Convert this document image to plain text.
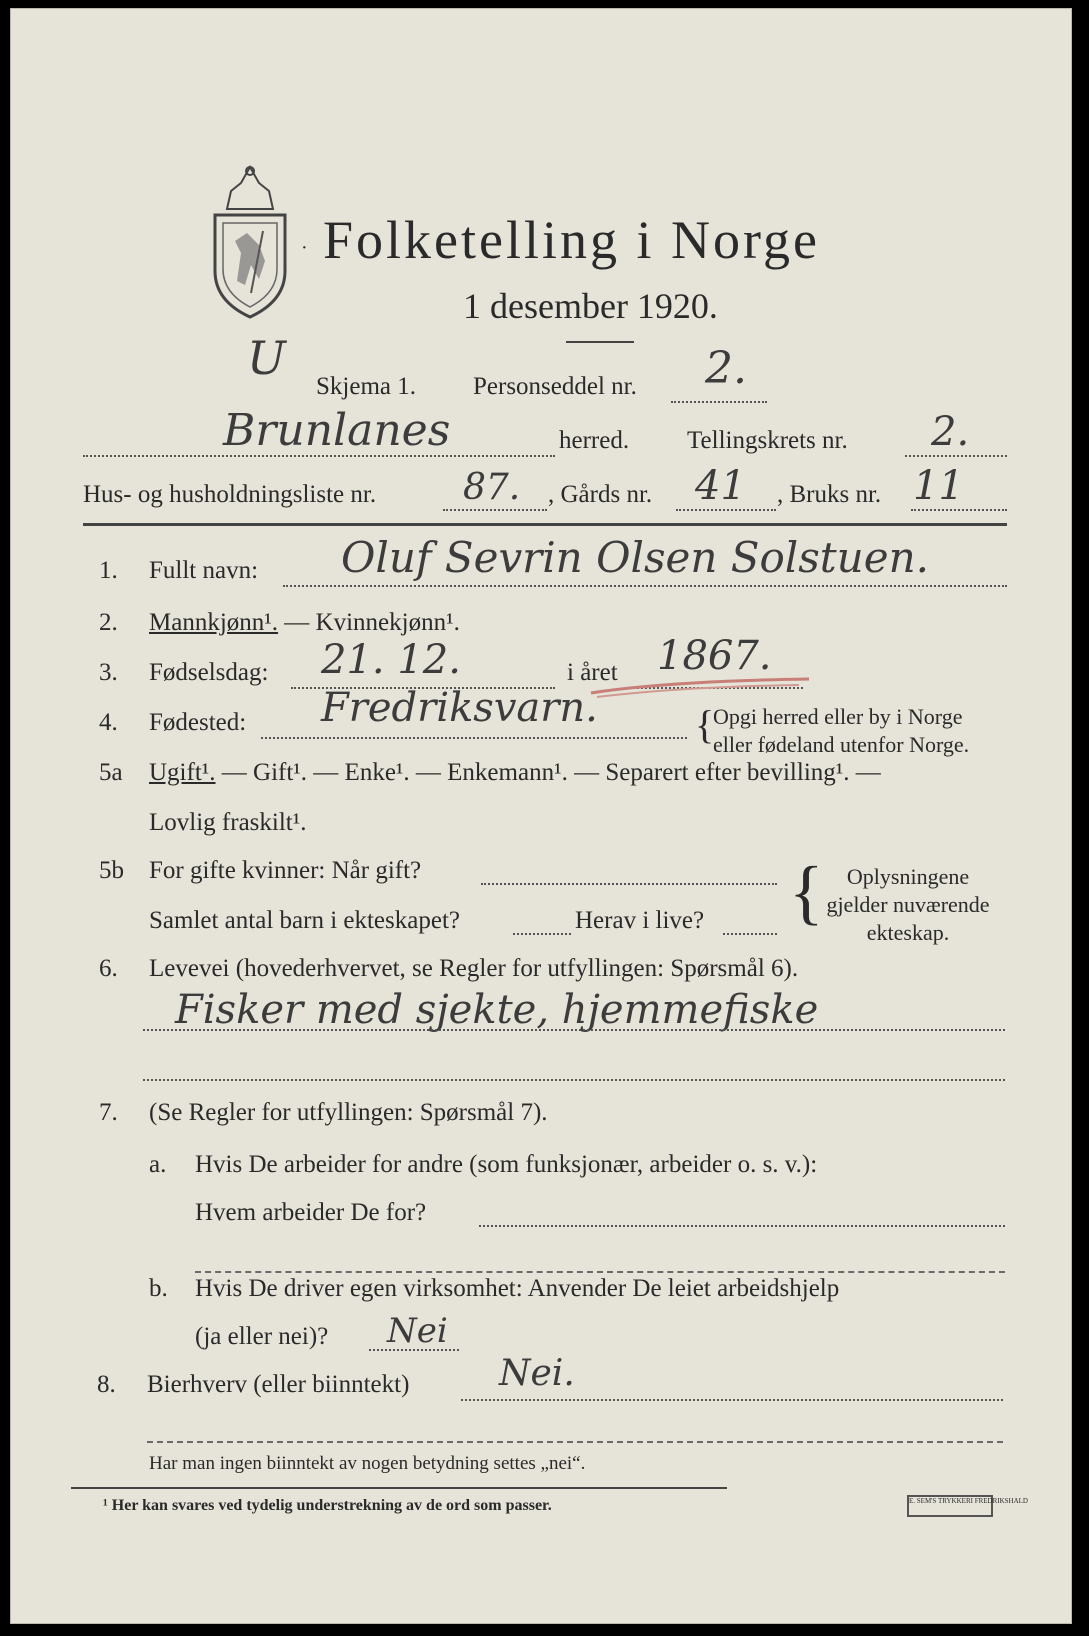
· Folketelling i Norge
1 desember 1920.
Skjema 1. Personseddel nr. 2.
U
Brunlanes	herred. Tellingskrets nr. 2.
Hus- og husholdningsliste nr. 87. , Gårds nr. 41 , Bruks nr. 11
1. Fullt navn: Oluf Sevrin Olsen Solstuen.
2. Mannkjønn¹. — Kvinnekjønn¹.
3. Fødselsdag: 21. 12.	i året 1867.
4. Fødested: Fredriksvarn. {
Opgi herred eller by i Norge
eller fødeland utenfor Norge.
5a Ugift¹. — Gift¹. — Enke¹. — Enkemann¹. — Separert efter bevilling¹. —
Lovlig fraskilt¹.
5b For gifte kvinner: Når gift?
Samlet antal barn i ekteskapet?	Herav i live? {	Oplysningene
gjelder nuværende
ekteskap.
6. Levevei (hovederhvervet, se Regler for utfyllingen: Spørsmål 6).
Fisker med sjekte, hjemmefiske
7. (Se Regler for utfyllingen: Spørsmål 7).
a. Hvis De arbeider for andre (som funksjonær, arbeider o. s. v.):
Hvem arbeider De for?
b. Hvis De driver egen virksomhet: Anvender De leiet arbeidshjelp
(ja eller nei)? Nei
8. Bierhverv (eller biinntekt) Nei.
Har man ingen biinntekt av nogen betydning settes „nei“.
¹ Her kan svares ved tydelig understrekning av de ord som passer.	E. SEM'S TRYKKERI FREDRIKSHALD
